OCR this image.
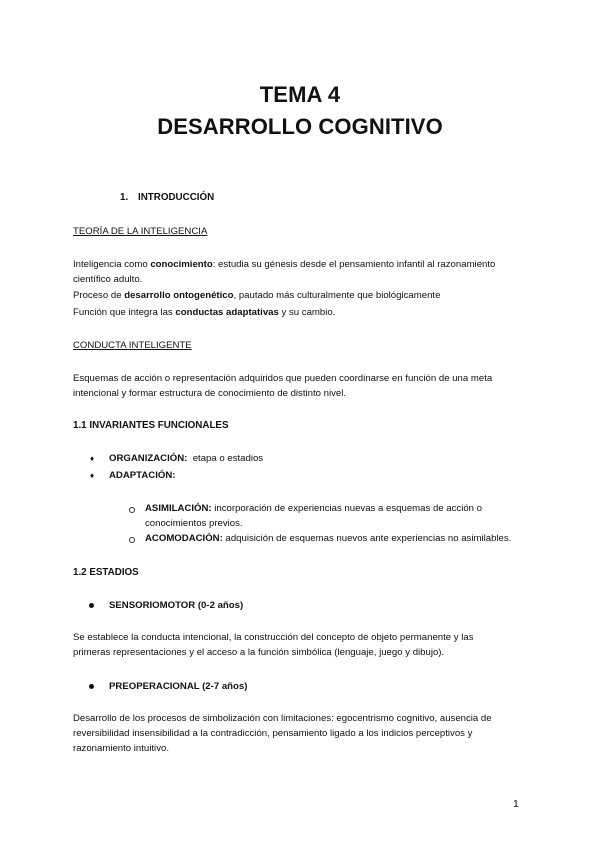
TEMA 4
DESARROLLO COGNITIVO
1. INTRODUCCIÓN
TEORÍA DE LA INTELIGENCIA
Inteligencia como conocimiento: estudia su génesis desde el pensamiento infantil al razonamiento
científico adulto.
Proceso de desarrollo ontogenético, pautado más culturalmente que biológicamente
Función que integra las conductas adaptativas y su cambio.
CONDUCTA INTELIGENTE
Esquemas de acción o representación adquiridos que pueden coordinarse en función de una meta
intencional y formar estructura de conocimiento de distinto nivel.
1.1 INVARIANTES FUNCIONALES
♦ ORGANIZACIÓN: etapa o estadios
♦ ADAPTACIÓN:
ASIMILACIÓN: incorporación de experiencias nuevas a esquemas de acción o
conocimientos previos.
ACOMODACIÓN: adquisición de esquemas nuevos ante experiencias no asimilables.
1.2 ESTADIOS
SENSORIOMOTOR (0-2 años)
Se establece la conducta intencional, la construcción del concepto de objeto permanente y las
primeras representaciones y el acceso a la función simbólica (lenguaje, juego y dibujo).
PREOPERACIONAL (2-7 años)
Desarrollo de los procesos de simbolización con limitaciones: egocentrismo cognitivo, ausencia de
reversibilidad insensibilidad a la contradicción, pensamiento ligado a los indicios perceptivos y
razonamiento intuitivo.
1
